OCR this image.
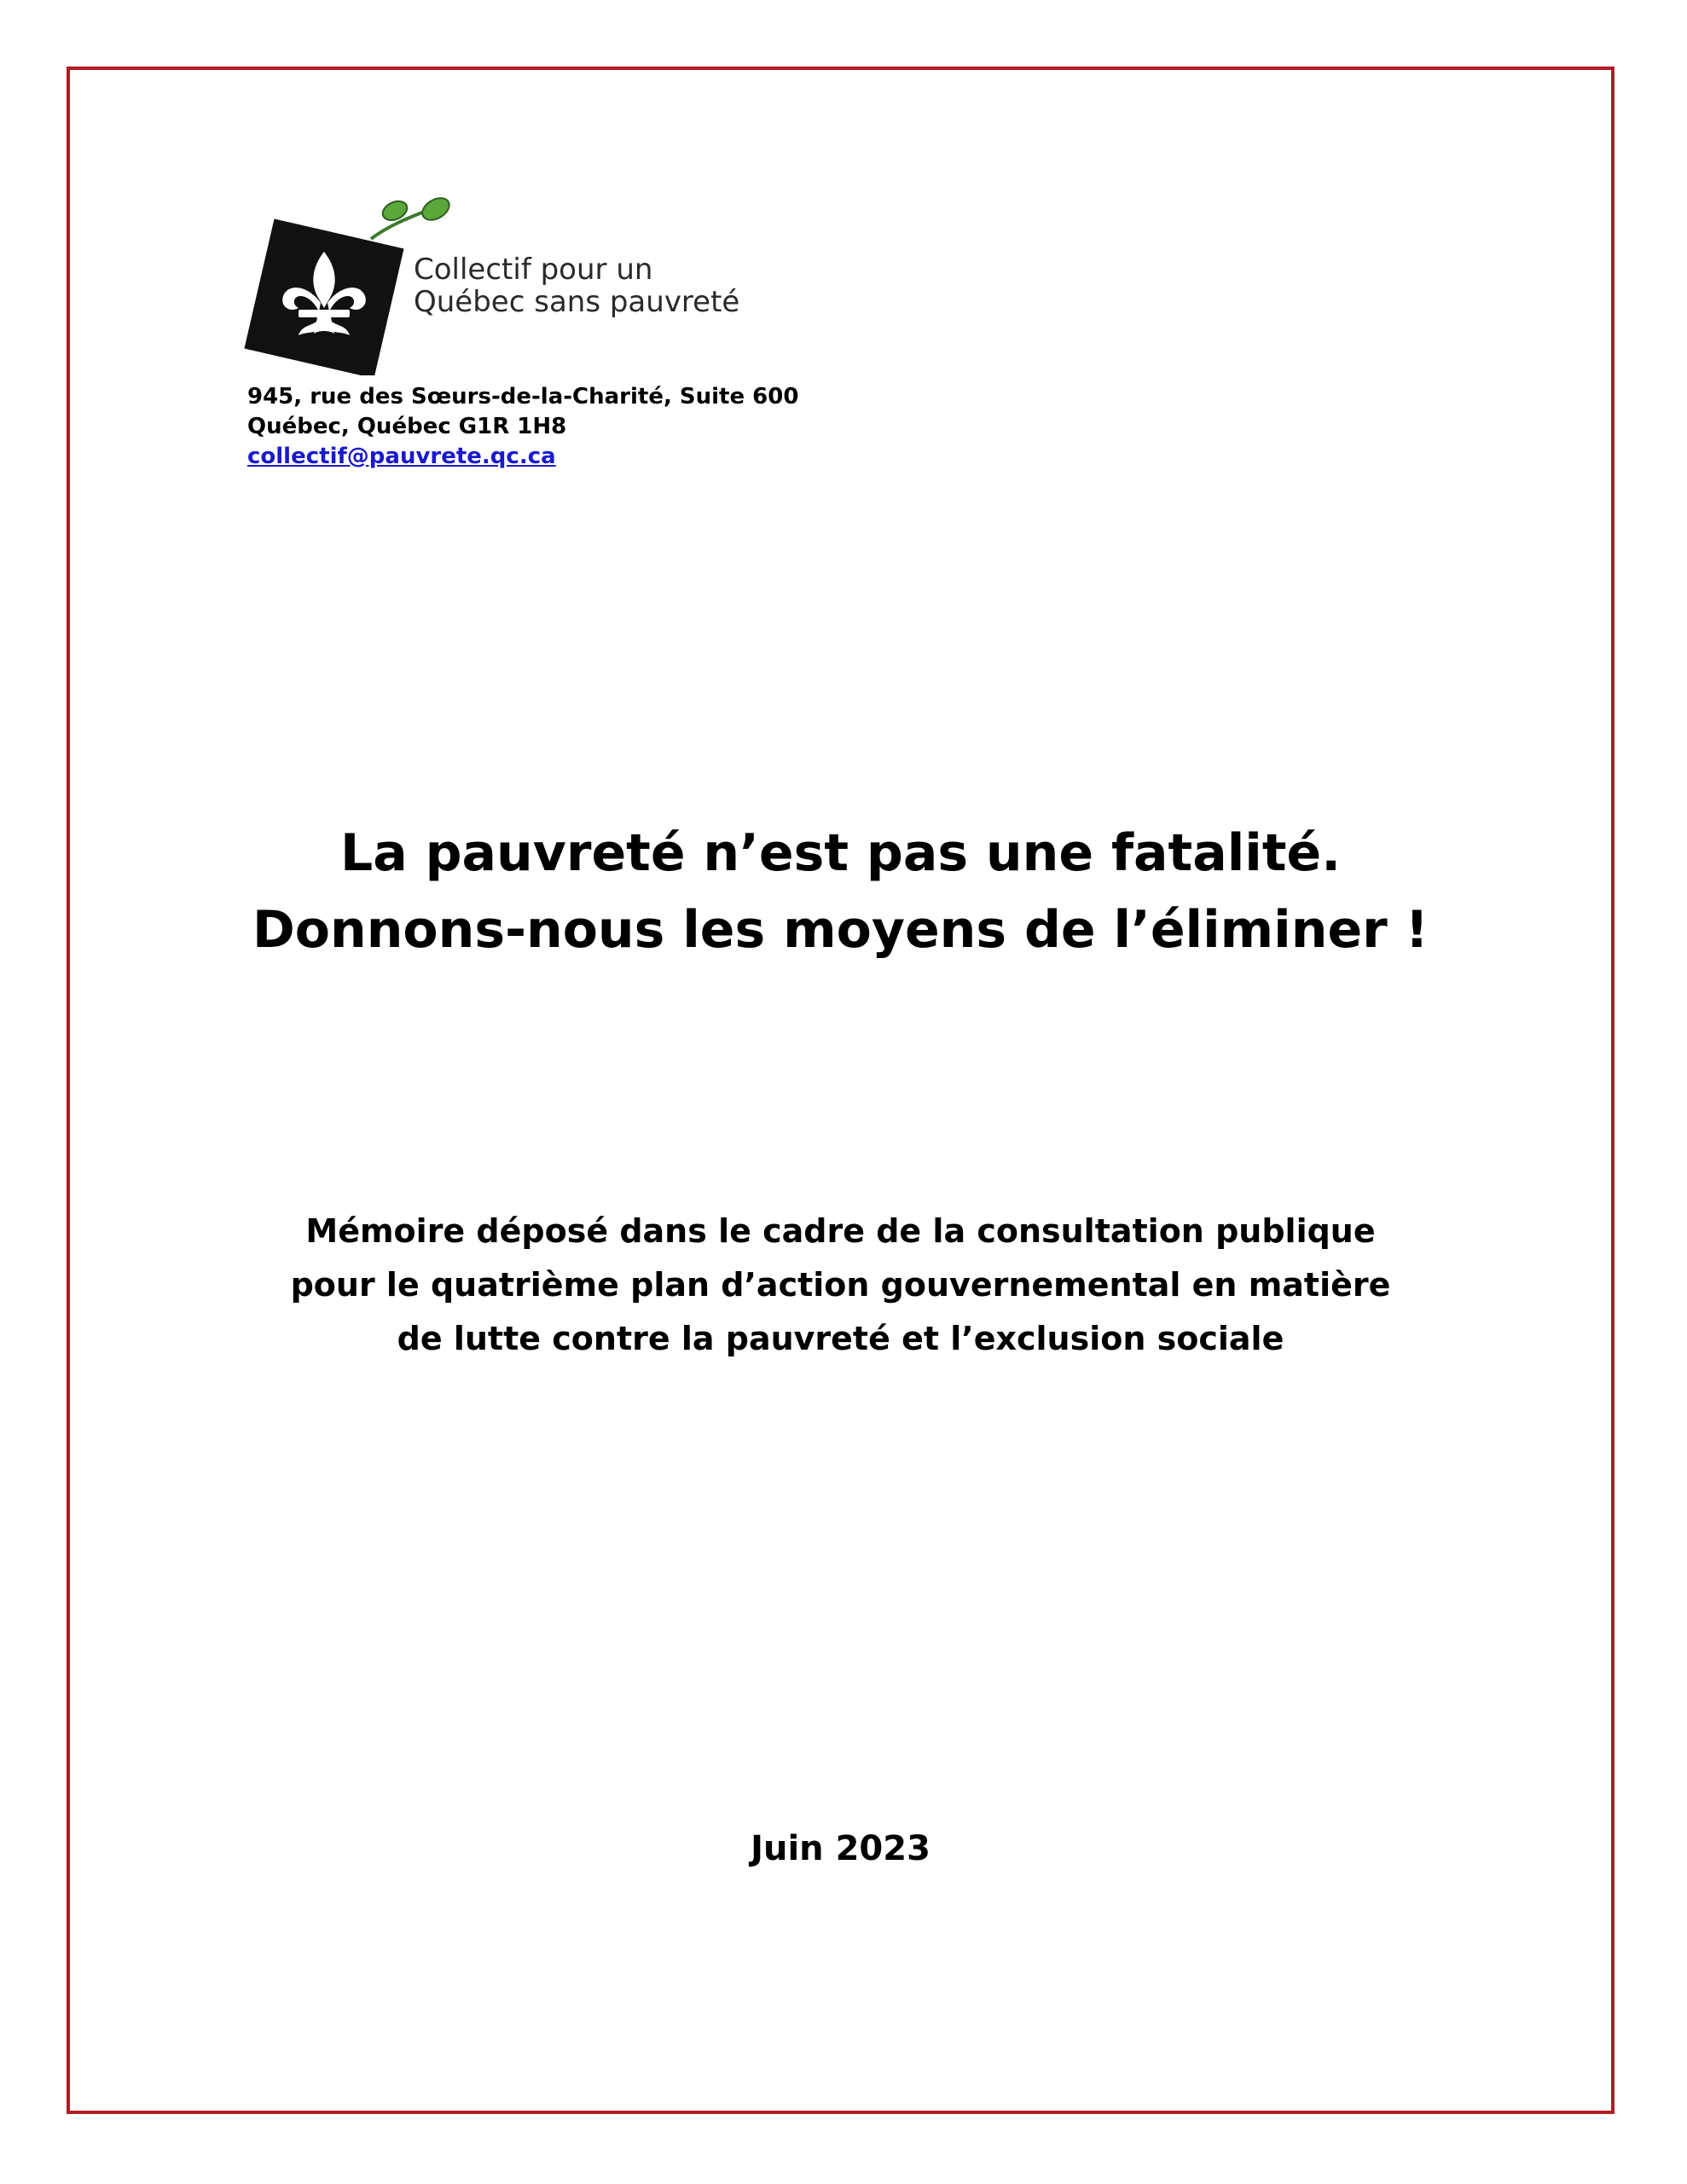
Collectif pour un
Québec sans pauvreté
945, rue des Sœurs-de-la-Charité, Suite 600
Québec, Québec G1R 1H8
collectif@pauvrete.qc.ca
La pauvreté n’est pas une fatalité.
Donnons-nous les moyens de l’éliminer !
Mémoire déposé dans le cadre de la consultation publique
pour le quatrième plan d’action gouvernemental en matière
de lutte contre la pauvreté et l’exclusion sociale
Juin 2023
